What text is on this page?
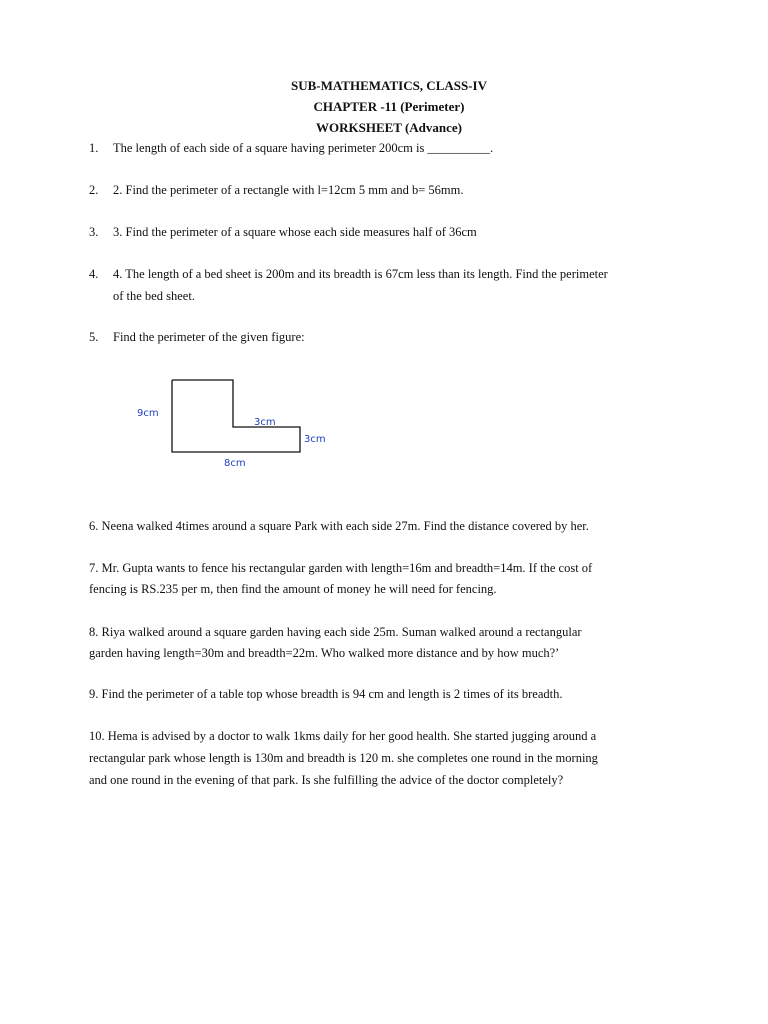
SUB-MATHEMATICS, CLASS-IV
CHAPTER -11 (Perimeter)
WORKSHEET (Advance)
1. The length of each side of a square having perimeter 200cm is __________.
2. 2. Find the perimeter of a rectangle with l=12cm 5 mm and b= 56mm.
3. 3. Find the perimeter of a square whose each side measures half of 36cm
4. 4. The length of a bed sheet is 200m and its breadth is 67cm less than its length. Find the perimeter
of the bed sheet.
5. Find the perimeter of the given figure:
9cm
3cm
3cm
8cm
6. Neena walked 4times around a square Park with each side 27m. Find the distance covered by her.
7. Mr. Gupta wants to fence his rectangular garden with length=16m and breadth=14m. If the cost of
fencing is RS.235 per m, then find the amount of money he will need for fencing.
8. Riya walked around a square garden having each side 25m. Suman walked around a rectangular
garden having length=30m and breadth=22m. Who walked more distance and by how much?’
9. Find the perimeter of a table top whose breadth is 94 cm and length is 2 times of its breadth.
10. Hema is advised by a doctor to walk 1kms daily for her good health. She started jugging around a
rectangular park whose length is 130m and breadth is 120 m. she completes one round in the morning
and one round in the evening of that park. Is she fulfilling the advice of the doctor completely?
